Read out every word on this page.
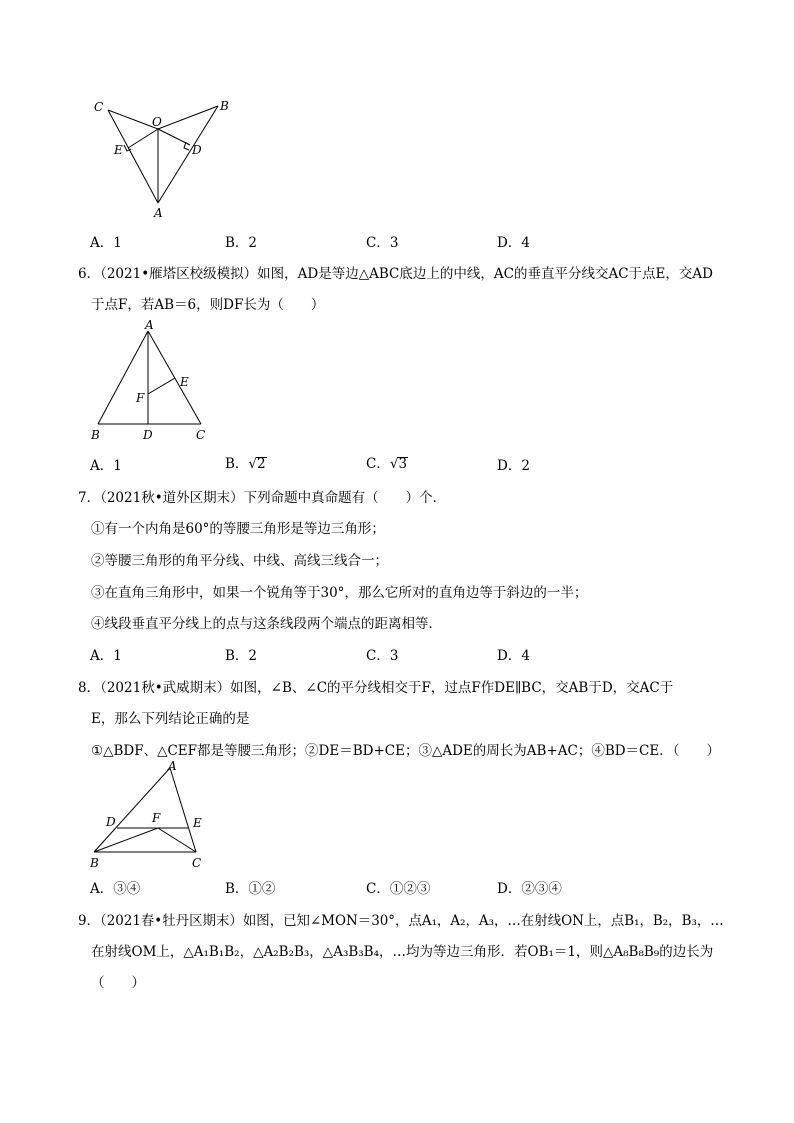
C	B
O
E	D
A
A．1	B．2	C．3	D．4
6．（2021•雁塔区校级模拟）如图，AD是等边△ABC底边上的中线，AC的垂直平分线交AC于点E，交AD
于点F，若AB＝6，则DF长为（　　）
A
E
F
B	D	C
A．1	B．√2	C．√3	D．2
7．（2021秋•道外区期末）下列命题中真命题有（　　）个．
①有一个内角是60°的等腰三角形是等边三角形；
②等腰三角形的角平分线、中线、高线三线合一；
③在直角三角形中，如果一个锐角等于30°，那么它所对的直角边等于斜边的一半；
④线段垂直平分线上的点与这条线段两个端点的距离相等．
A．1	B．2	C．3	D．4
8．（2021秋•武威期末）如图，∠B、∠C的平分线相交于F，过点F作DE∥BC，交AB于D，交AC于
E，那么下列结论正确的是
①△BDF、△CEF都是等腰三角形；②DE＝BD+CE；③△ADE的周长为AB+AC；④BD＝CE．（　　）
A
D	F	E
B	C
A．③④	B．①②	C．①②③	D．②③④
9．（2021春•牡丹区期末）如图，已知∠MON＝30°，点A₁，A₂，A₃，…在射线ON上，点B₁，B₂，B₃，…
在射线OM上，△A₁B₁B₂，△A₂B₂B₃，△A₃B₃B₄，…均为等边三角形．若OB₁＝1，则△A₈B₈B₉的边长为
（　　）
